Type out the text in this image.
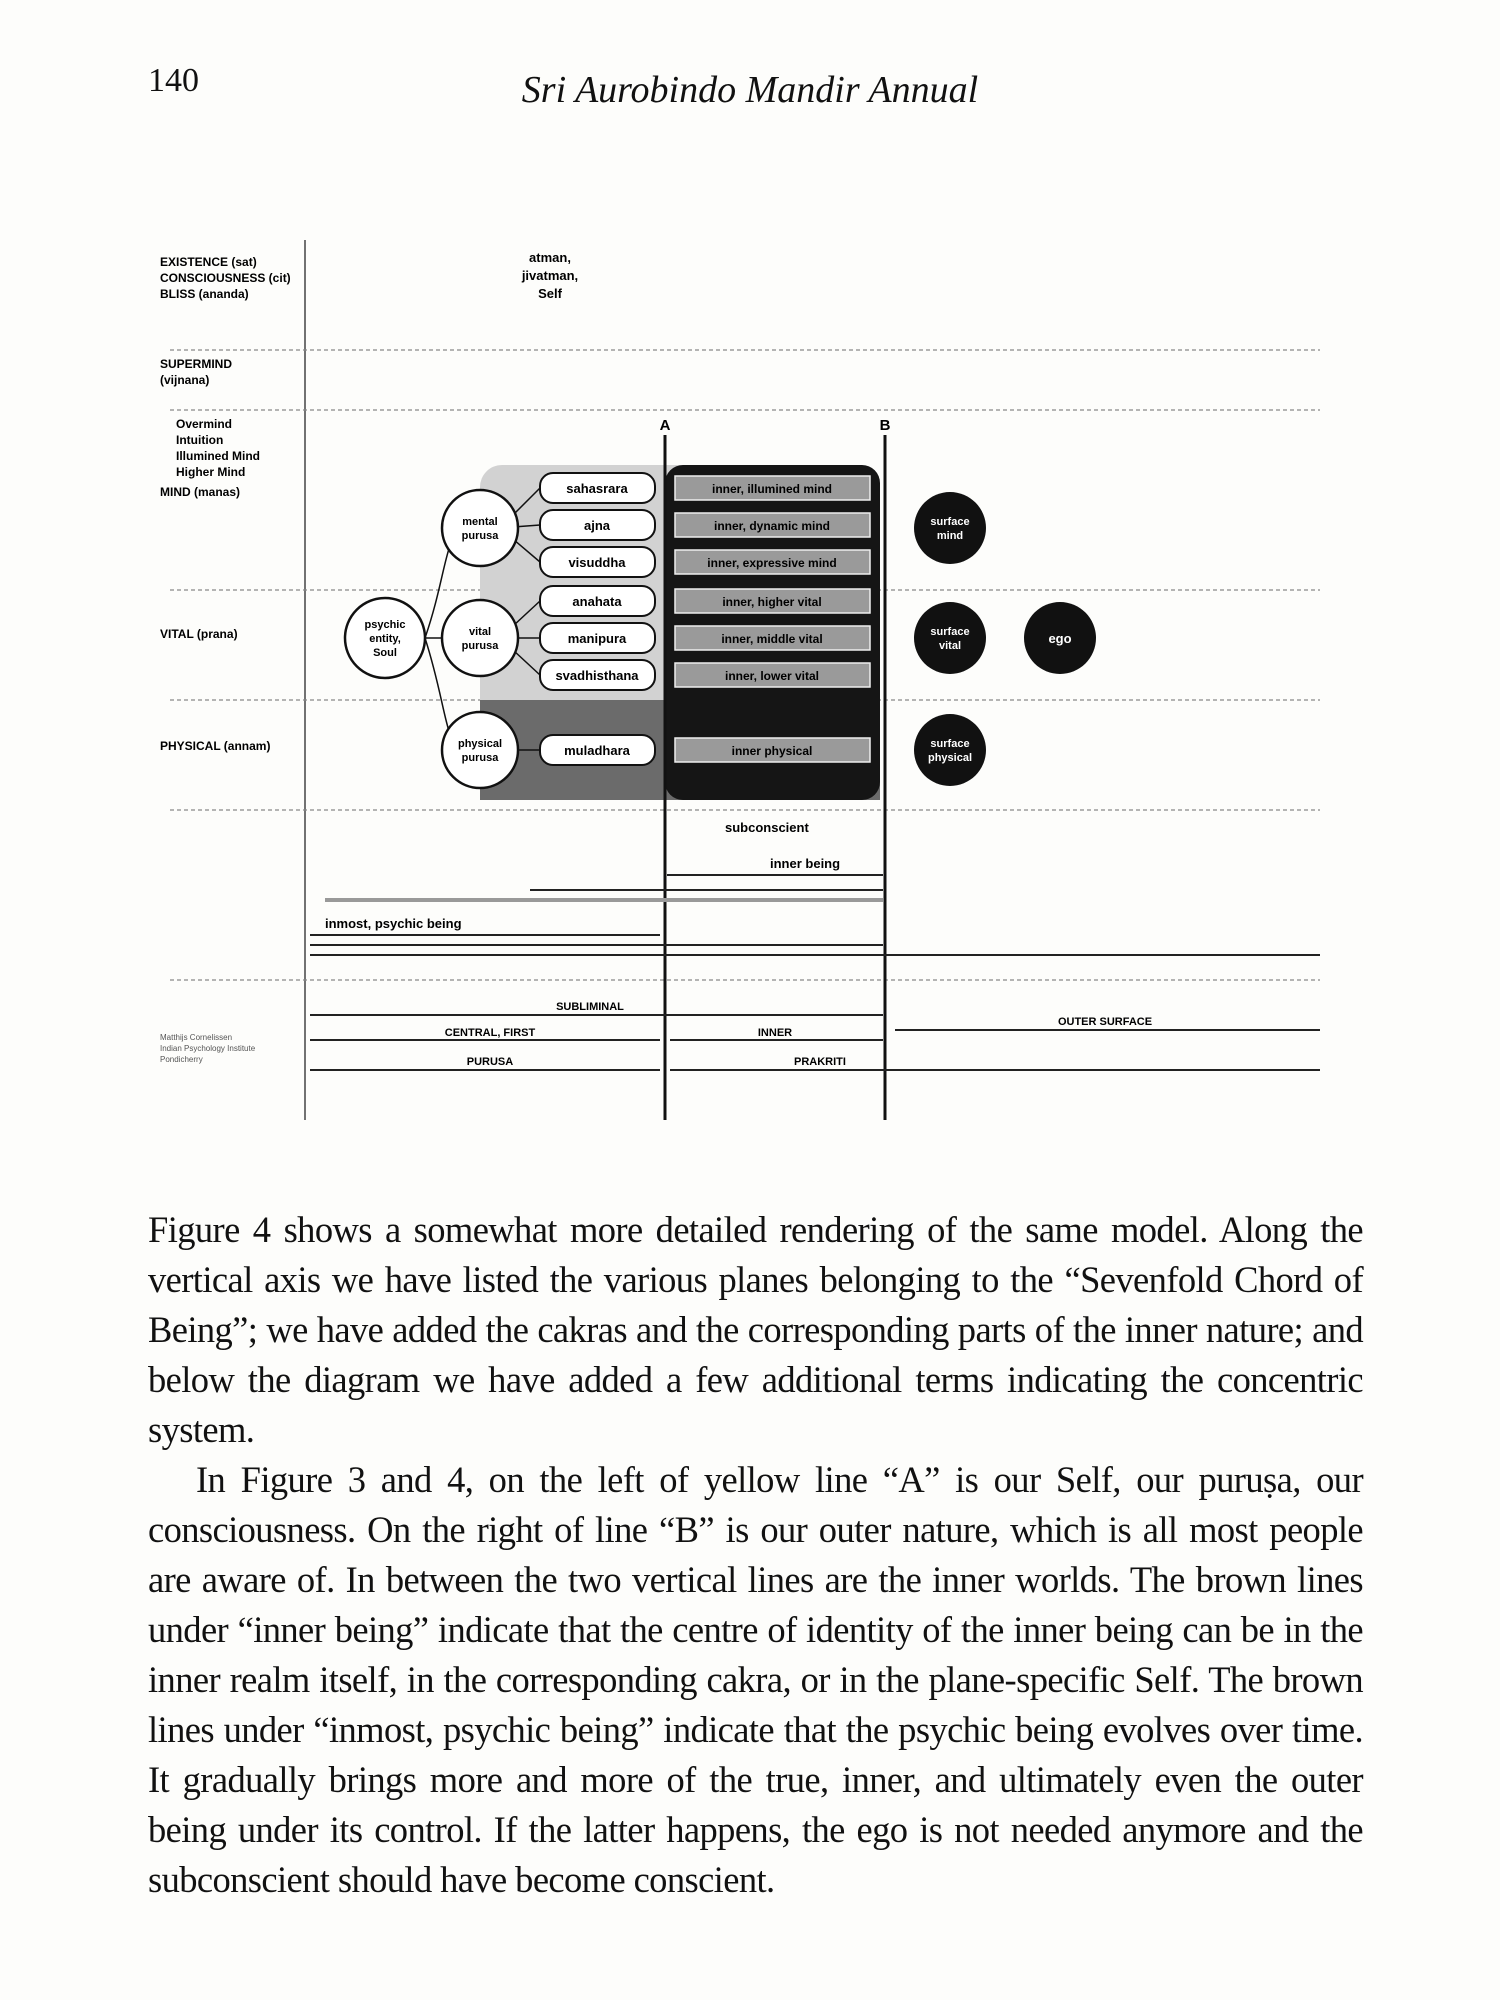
140	Sri Aurobindo Mandir Annual
EXISTENCE (sat)
CONSCIOUSNESS (cit)
BLISS (ananda)
SUPERMIND
(vijnana)
Overmind
Intuition
Illumined Mind
Higher Mind
MIND (manas)
VITAL (prana)
PHYSICAL (annam)
atman,
jivatman,
Self
A	B
sahasrara
ajna
visuddha
anahata
manipura
svadhisthana
muladhara
inner, illumined mind
inner, dynamic mind
inner, expressive mind
inner, higher vital
inner, middle vital
inner, lower vital
inner physical
mental
purusa
vital
purusa
physical
purusa
psychic
entity,
Soul
surface
mind
surface
vital
surface
physical
ego
subconscient
inner being
inmost, psychic being
SUBLIMINAL
OUTER SURFACE
CENTRAL, FIRST	INNER
PURUSA	PRAKRITI
Matthijs Cornelissen
Indian Psychology Institute
Pondicherry

Figure 4 shows a somewhat more detailed rendering of the same model. Along the vertical axis we have listed the various planes belonging to the “Sevenfold Chord of Being”; we have added the cakras and the corresponding parts of the inner nature; and below the diagram we have added a few additional terms indicating the concentric system.

In Figure 3 and 4, on the left of yellow line “A” is our Self, our puruṣa, our consciousness. On the right of line “B” is our outer nature, which is all most people are aware of. In between the two vertical lines are the inner worlds. The brown lines under “inner being” indicate that the centre of identity of the inner being can be in the inner realm itself, in the corresponding cakra, or in the plane-specific Self. The brown lines under “inmost, psychic being” indicate that the psychic being evolves over time. It gradually brings more and more of the true, inner, and ultimately even the outer being under its control. If the latter happens, the ego is not needed anymore and the subconscient should have become conscient.
